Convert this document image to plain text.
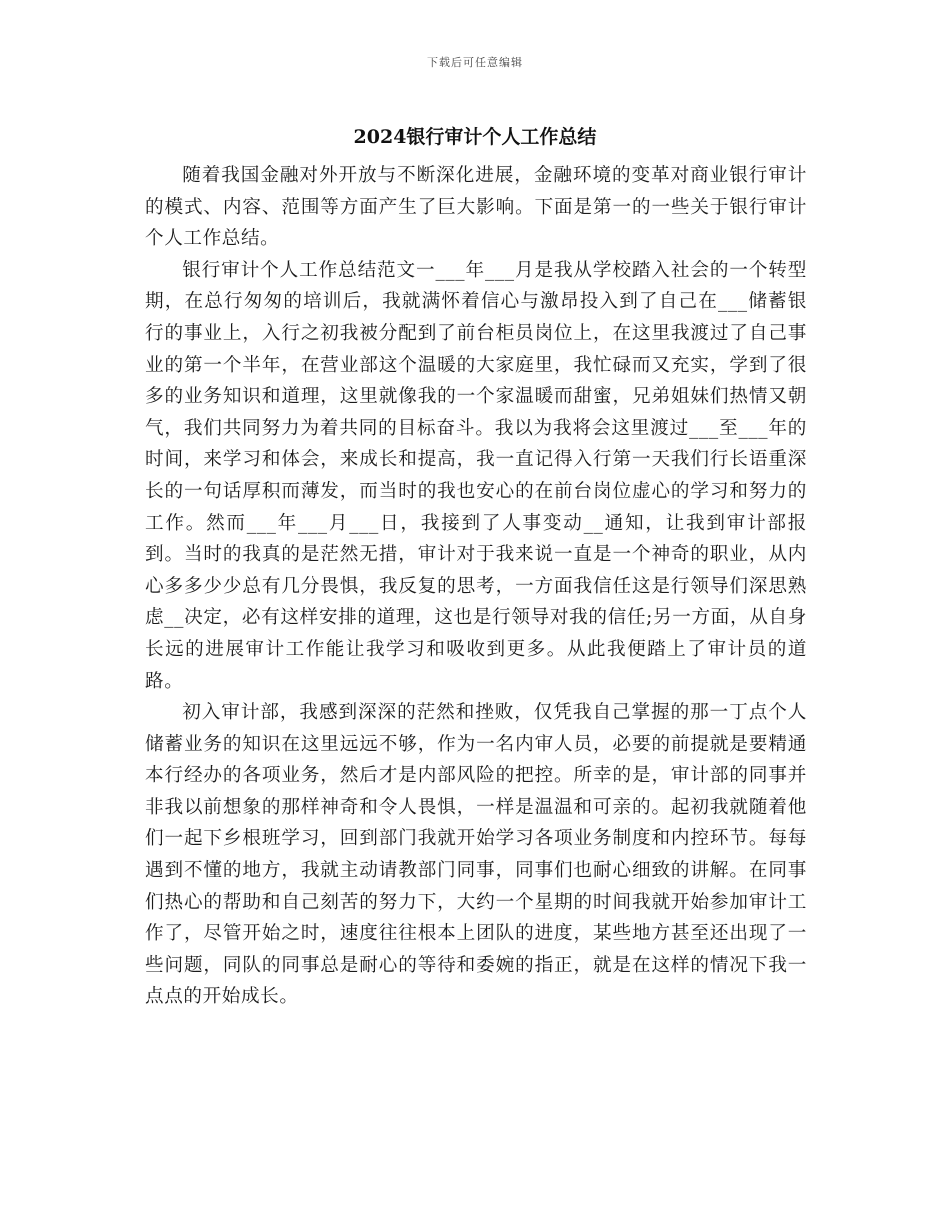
下载后可任意编辑
2024银行审计个人工作总结

随着我国金融对外开放与不断深化进展，金融环境的变革对商业银行审计的模式、内容、范围等方面产生了巨大影响。下面是第一的一些关于银行审计个人工作总结。

银行审计个人工作总结范文一___年___月是我从学校踏入社会的一个转型期，在总行匆匆的培训后，我就满怀着信心与激昂投入到了自己在___储蓄银行的事业上，入行之初我被分配到了前台柜员岗位上，在这里我渡过了自己事业的第一个半年，在营业部这个温暖的大家庭里，我忙碌而又充实，学到了很多的业务知识和道理，这里就像我的一个家温暖而甜蜜，兄弟姐妹们热情又朝气，我们共同努力为着共同的目标奋斗。我以为我将会这里渡过___至___年的时间，来学习和体会，来成长和提高，我一直记得入行第一天我们行长语重深长的一句话厚积而薄发，而当时的我也安心的在前台岗位虚心的学习和努力的工作。然而___年___月___日，我接到了人事变动__通知，让我到审计部报到。当时的我真的是茫然无措，审计对于我来说一直是一个神奇的职业，从内心多多少少总有几分畏惧，我反复的思考，一方面我信任这是行领导们深思熟虑__决定，必有这样安排的道理，这也是行领导对我的信任;另一方面，从自身长远的进展审计工作能让我学习和吸收到更多。从此我便踏上了审计员的道路。

初入审计部，我感到深深的茫然和挫败，仅凭我自己掌握的那一丁点个人储蓄业务的知识在这里远远不够，作为一名内审人员，必要的前提就是要精通本行经办的各项业务，然后才是内部风险的把控。所幸的是，审计部的同事并非我以前想象的那样神奇和令人畏惧，一样是温温和可亲的。起初我就随着他们一起下乡根班学习，回到部门我就开始学习各项业务制度和内控环节。每每遇到不懂的地方，我就主动请教部门同事，同事们也耐心细致的讲解。在同事们热心的帮助和自己刻苦的努力下，大约一个星期的时间我就开始参加审计工作了，尽管开始之时，速度往往根本上团队的进度，某些地方甚至还出现了一些问题，同队的同事总是耐心的等待和委婉的指正，就是在这样的情况下我一点点的开始成长。
